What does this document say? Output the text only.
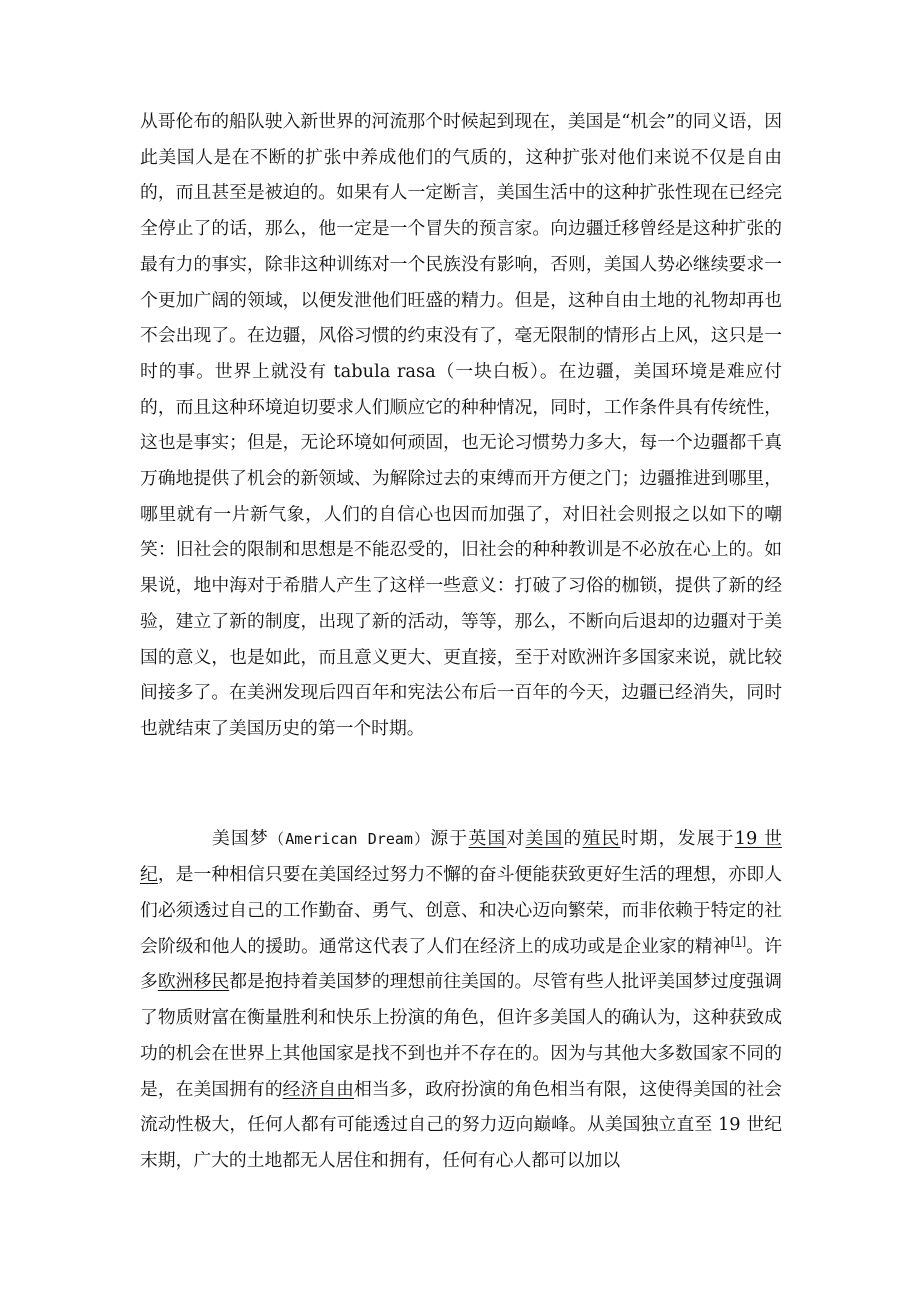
从哥伦布的船队驶入新世界的河流那个时候起到现在，美国是“机会”的同义语，因此美国人是在不断的扩张中养成他们的气质的，这种扩张对他们来说不仅是自由的，而且甚至是被迫的。如果有人一定断言，美国生活中的这种扩张性现在已经完全停止了的话，那么，他一定是一个冒失的预言家。向边疆迁移曾经是这种扩张的最有力的事实，除非这种训练对一个民族没有影响，否则，美国人势必继续要求一个更加广阔的领域，以便发泄他们旺盛的精力。但是，这种自由土地的礼物却再也不会出现了。在边疆，风俗习惯的约束没有了，毫无限制的情形占上风，这只是一时的事。世界上就没有 tabula rasa（一块白板）。在边疆，美国环境是难应付的，而且这种环境迫切要求人们顺应它的种种情况，同时，工作条件具有传统性，这也是事实；但是，无论环境如何顽固，也无论习惯势力多大，每一个边疆都千真万确地提供了机会的新领域、为解除过去的束缚而开方便之门；边疆推进到哪里，哪里就有一片新气象，人们的自信心也因而加强了，对旧社会则报之以如下的嘲笑：旧社会的限制和思想是不能忍受的，旧社会的种种教训是不必放在心上的。如果说，地中海对于希腊人产生了这样一些意义：打破了习俗的枷锁，提供了新的经验，建立了新的制度，出现了新的活动，等等，那么，不断向后退却的边疆对于美国的意义，也是如此，而且意义更大、更直接，至于对欧洲许多国家来说，就比较间接多了。在美洲发现后四百年和宪法公布后一百年的今天，边疆已经消失，同时也就结束了美国历史的第一个时期。

美国梦（American Dream）源于英国对美国的殖民时期，发展于19 世纪，是一种相信只要在美国经过努力不懈的奋斗便能获致更好生活的理想，亦即人们必须透过自己的工作勤奋、勇气、创意、和决心迈向繁荣，而非依赖于特定的社会阶级和他人的援助。通常这代表了人们在经济上的成功或是企业家的精神[1]。许多欧洲移民都是抱持着美国梦的理想前往美国的。尽管有些人批评美国梦过度强调了物质财富在衡量胜利和快乐上扮演的角色，但许多美国人的确认为，这种获致成功的机会在世界上其他国家是找不到也并不存在的。因为与其他大多数国家不同的是，在美国拥有的经济自由相当多，政府扮演的角色相当有限，这使得美国的社会流动性极大，任何人都有可能透过自己的努力迈向巅峰。从美国独立直至 19 世纪末期，广大的土地都无人居住和拥有，任何有心人都可以加以
